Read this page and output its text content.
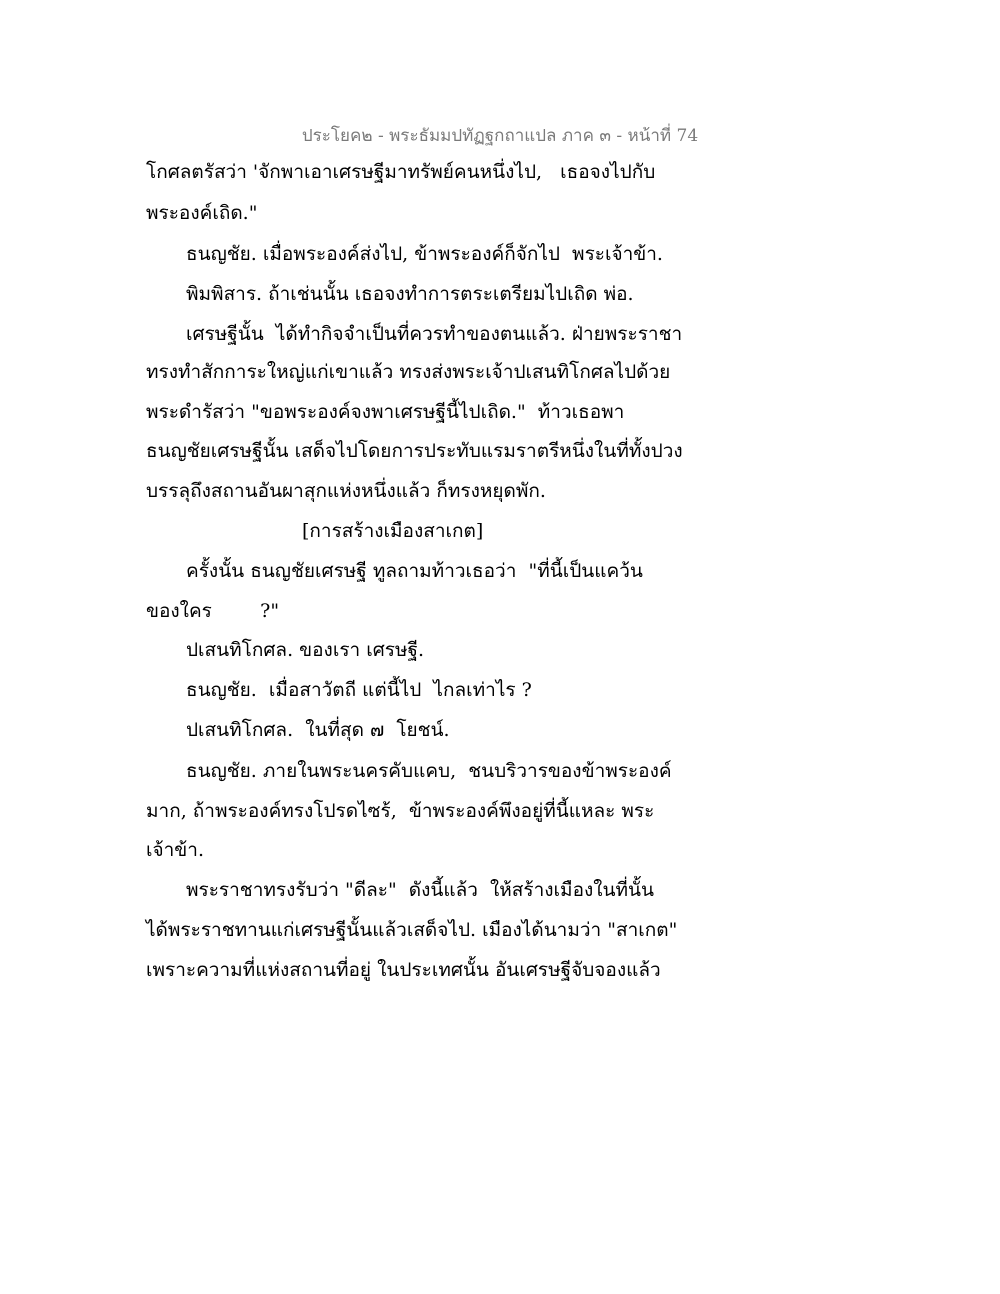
ประโยค๒ - พระธัมมปทัฏฐกถาแปล ภาค ๓ - หน้าที่ 74
โกศลตรัสว่า 'จักพาเอาเศรษฐีมาทรัพย์คนหนึ่งไป,   เธอจงไปกับ
พระองค์เถิด."
ธนญชัย. เมื่อพระองค์ส่งไป, ข้าพระองค์ก็จักไป  พระเจ้าข้า.
พิมพิสาร. ถ้าเช่นนั้น เธอจงทำการตระเตรียมไปเถิด พ่อ.
เศรษฐีนั้น  ได้ทำกิจจำเป็นที่ควรทำของตนแล้ว. ฝ่ายพระราชา
ทรงทำสักการะใหญ่แก่เขาแล้ว ทรงส่งพระเจ้าปเสนทิโกศลไปด้วย
พระดำรัสว่า "ขอพระองค์จงพาเศรษฐีนี้ไปเถิด."  ท้าวเธอพา
ธนญชัยเศรษฐีนั้น เสด็จไปโดยการประทับแรมราตรีหนึ่งในที่ทั้งปวง
บรรลุถึงสถานอันผาสุกแห่งหนึ่งแล้ว ก็ทรงหยุดพัก.
[การสร้างเมืองสาเกต]
ครั้งนั้น ธนญชัยเศรษฐี ทูลถามท้าวเธอว่า  "ที่นี้เป็นแคว้น
ของใคร        ?"
ปเสนทิโกศล. ของเรา เศรษฐี.
ธนญชัย.  เมื่อสาวัตถี แต่นี้ไป  ไกลเท่าไร ?
ปเสนทิโกศล.  ในที่สุด ๗  โยชน์.
ธนญชัย. ภายในพระนครคับแคบ,  ชนบริวารของข้าพระองค์
มาก, ถ้าพระองค์ทรงโปรดไซร้,  ข้าพระองค์พึงอยู่ที่นี้แหละ พระ
เจ้าข้า.
พระราชาทรงรับว่า "ดีละ"  ดังนี้แล้ว  ให้สร้างเมืองในที่นั้น
ได้พระราชทานแก่เศรษฐีนั้นแล้วเสด็จไป. เมืองได้นามว่า "สาเกต"
เพราะความที่แห่งสถานที่อยู่ ในประเทศนั้น อันเศรษฐีจับจองแล้ว
